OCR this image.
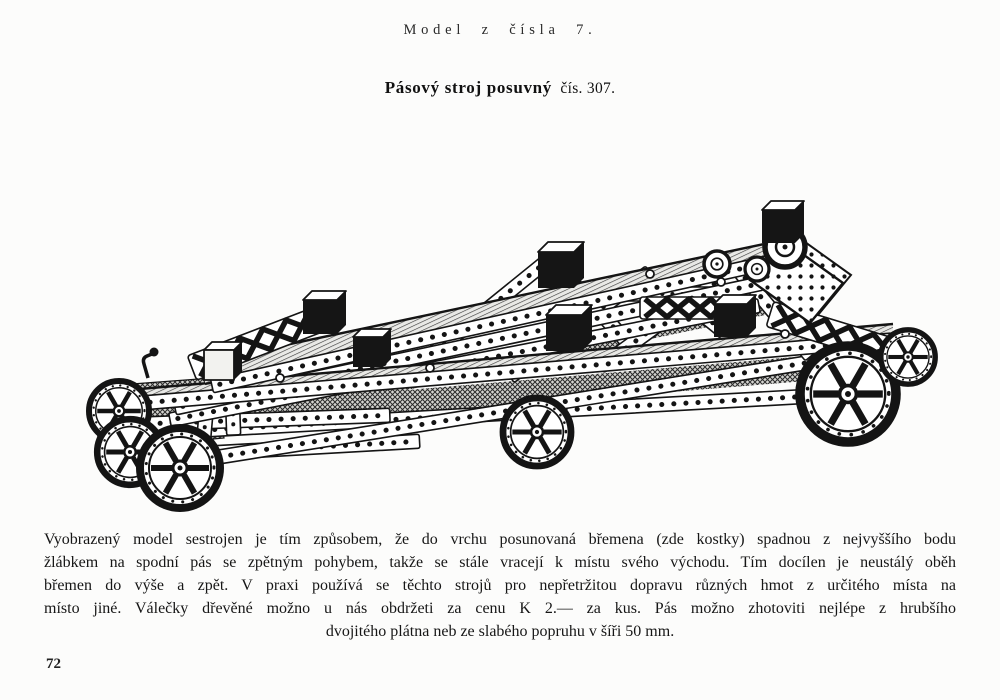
Model z čísla 7.
Pásový stroj posuvný čís. 307.
Vyobrazený model sestrojen je tím způsobem, že do vrchu posunovaná břemena (zde kostky) spadnou z nejvyššího bodu
žlábkem na spodní pás se zpětným pohybem, takže se stále vracejí k místu svého východu. Tím docílen je neustálý oběh
břemen do výše a zpět. V praxi používá se těchto strojů pro nepřetržitou dopravu různých hmot z určitého místa na
místo jiné. Válečky dřevěné možno u nás obdržeti za cenu K 2.— za kus. Pás možno zhotoviti nejlépe z hrubšího
dvojitého plátna neb ze slabého popruhu v šíři 50 mm.
72
